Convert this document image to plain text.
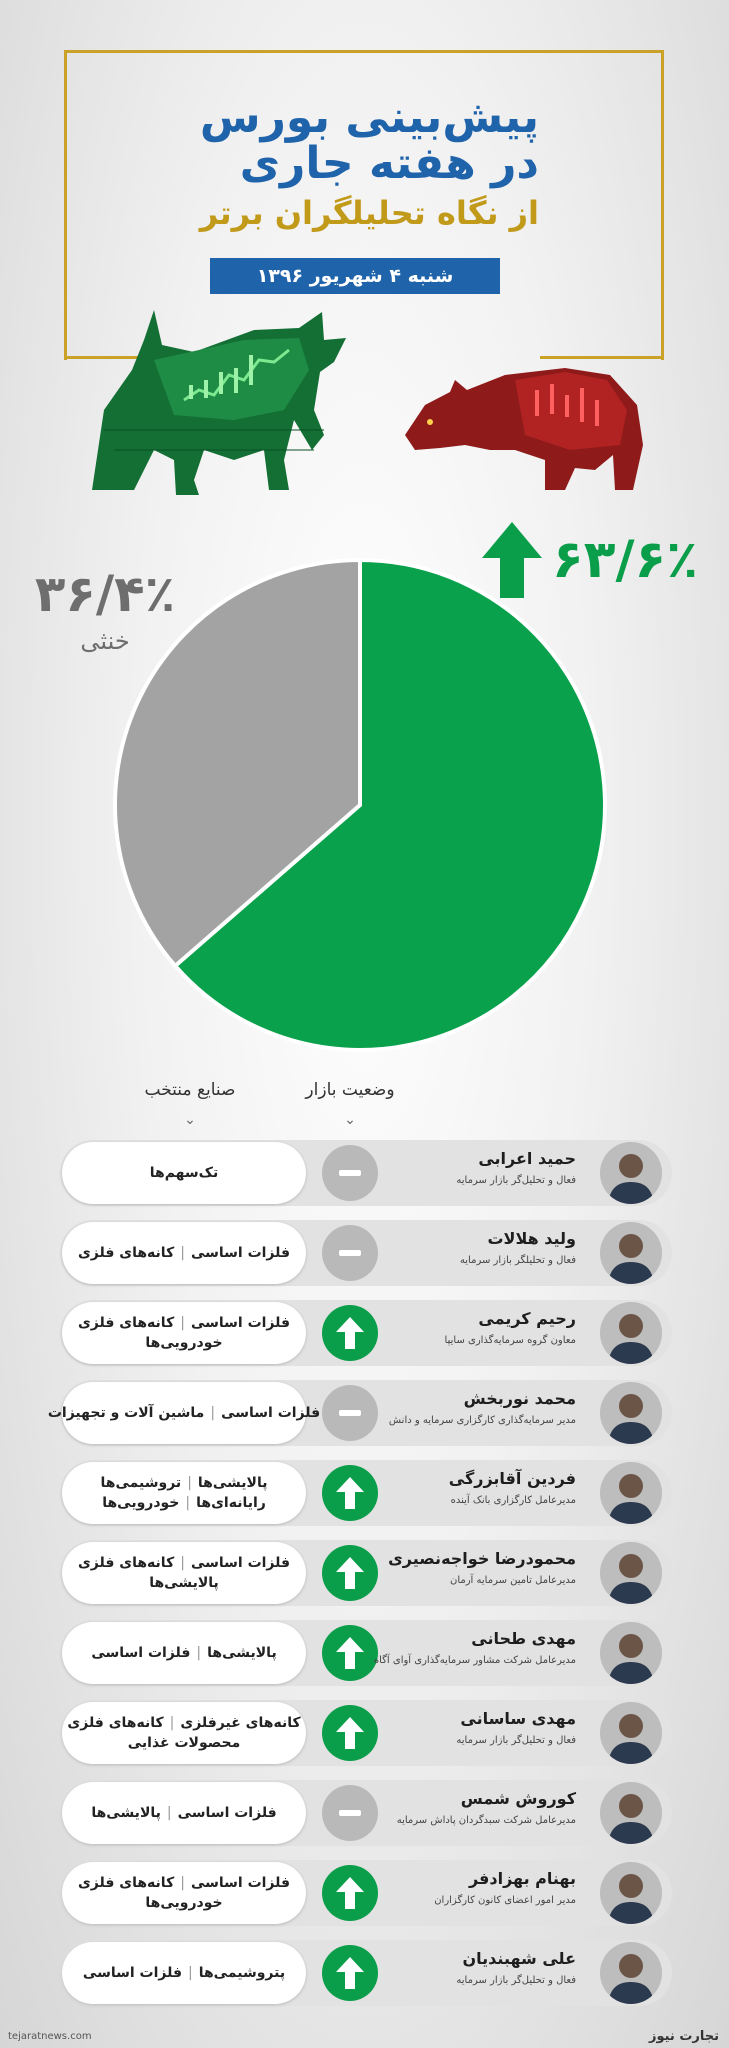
پیش‌بینی بورس
در هفته جاری
از نگاه تحلیلگران برتر
شنبه ۴ شهریور ۱۳۹۶
۶۳/۶٪
۳۶/۴٪
خنثی
وضعیت بازار
⌄
صنایع منتخب
⌄
تک‌سهم‌ها
حمید اعرابی
فعال و تحلیل‌گر بازار سرمایه
فلزات اساسی|کانه‌های فلزی
ولید هلالات
فعال و تحلیلگر بازار سرمایه
فلزات اساسی|کانه‌های فلزی
خودرویی‌ها
رحیم کریمی
معاون گروه سرمایه‌گذاری سایپا
فلزات اساسی|ماشین آلات و تجهیزات
محمد نوربخش
مدیر سرمایه‌گذاری کارگزاری سرمایه و دانش
پالایشی‌ها|تروشیمی‌ها
رایانه‌ای‌ها|خودرویی‌ها
فردین آقابزرگی
مدیرعامل کارگزاری بانک آینده
فلزات اساسی|کانه‌های فلزی
پالایشی‌ها
محمودرضا خواجه‌نصیری
مدیرعامل تامین سرمایه آرمان
پالایشی‌ها|فلزات اساسی
مهدی طحانی
مدیرعامل شرکت مشاور سرمایه‌گذاری آوای آگاه
کانه‌های غیرفلزی|کانه‌های فلزی
محصولات غذایی
مهدی ساسانی
فعال و تحلیل‌گر بازار سرمایه
فلزات اساسی|پالایشی‌ها
کوروش شمس
مدیرعامل شرکت سبدگردان پاداش سرمایه
فلزات اساسی|کانه‌های فلزی
خودرویی‌ها
بهنام بهزادفر
مدیر امور اعضای کانون کارگزاران
پتروشیمی‌ها|فلزات اساسی
علی شهبندیان
فعال و تحلیل‌گر بازار سرمایه
tejaratnews.com	تجارت نیوز
